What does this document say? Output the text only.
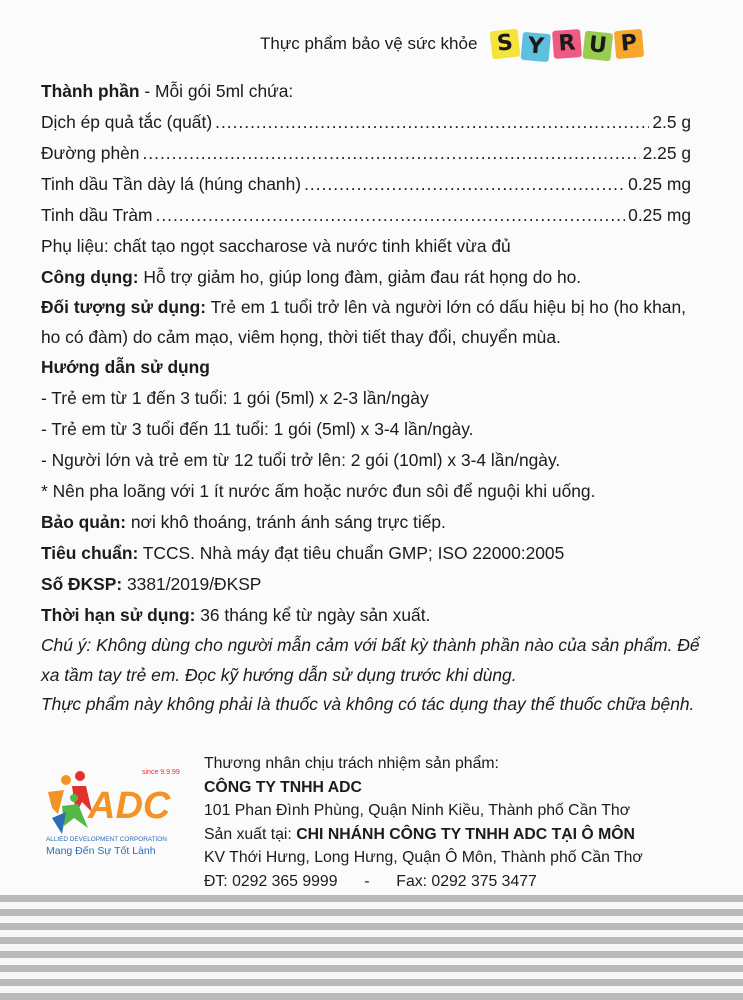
Thực phẩm bảo vệ sức khỏe S Y R U P
Thành phần - Mỗi gói 5ml chứa:
Dịch ép quả tắc (quất) .....	2.5 g
Đường phèn .....	2.25 g
Tinh dầu Tần dày lá (húng chanh) .....	0.25 mg
Tinh dầu Tràm .....	0.25 mg
Phụ liệu: chất tạo ngọt saccharose và nước tinh khiết vừa đủ
Công dụng: Hỗ trợ giảm ho, giúp long đàm, giảm đau rát họng do ho.
Đối tượng sử dụng: Trẻ em 1 tuổi trở lên và người lớn có dấu hiệu bị ho (ho khan, ho có đàm) do cảm mạo, viêm họng, thời tiết thay đổi, chuyển mùa.
Hướng dẫn sử dụng
- Trẻ em từ 1 đến 3 tuổi: 1 gói (5ml) x 2-3 lần/ngày
- Trẻ em từ 3 tuổi đến 11 tuổi: 1 gói (5ml) x 3-4 lần/ngày.
- Người lớn và trẻ em từ 12 tuổi trở lên: 2 gói (10ml) x 3-4 lần/ngày.
* Nên pha loãng với 1 ít nước ấm hoặc nước đun sôi để nguội khi uống.
Bảo quản: nơi khô thoáng, tránh ánh sáng trực tiếp.
Tiêu chuẩn: TCCS. Nhà máy đạt tiêu chuẩn GMP; ISO 22000:2005
Số ĐKSP: 3381/2019/ĐKSP
Thời hạn sử dụng: 36 tháng kể từ ngày sản xuất.
Chú ý: Không dùng cho người mẫn cảm với bất kỳ thành phần nào của sản phẩm. Để xa tầm tay trẻ em. Đọc kỹ hướng dẫn sử dụng trước khi dùng.
Thực phẩm này không phải là thuốc và không có tác dụng thay thế thuốc chữa bệnh.
since 9.9.99
ADC
ALLIED DEVELOPMENT CORPORATION
Mang Đến Sự Tốt Lành
Thương nhân chịu trách nhiệm sản phẩm:
CÔNG TY TNHH ADC
101 Phan Đình Phùng, Quận Ninh Kiều, Thành phố Cần Thơ
Sản xuất tại: CHI NHÁNH CÔNG TY TNHH ADC TẠI Ô MÔN
KV Thới Hưng, Long Hưng, Quận Ô Môn, Thành phố Cần Thơ
ĐT: 0292 365 9999 - Fax: 0292 375 3477
